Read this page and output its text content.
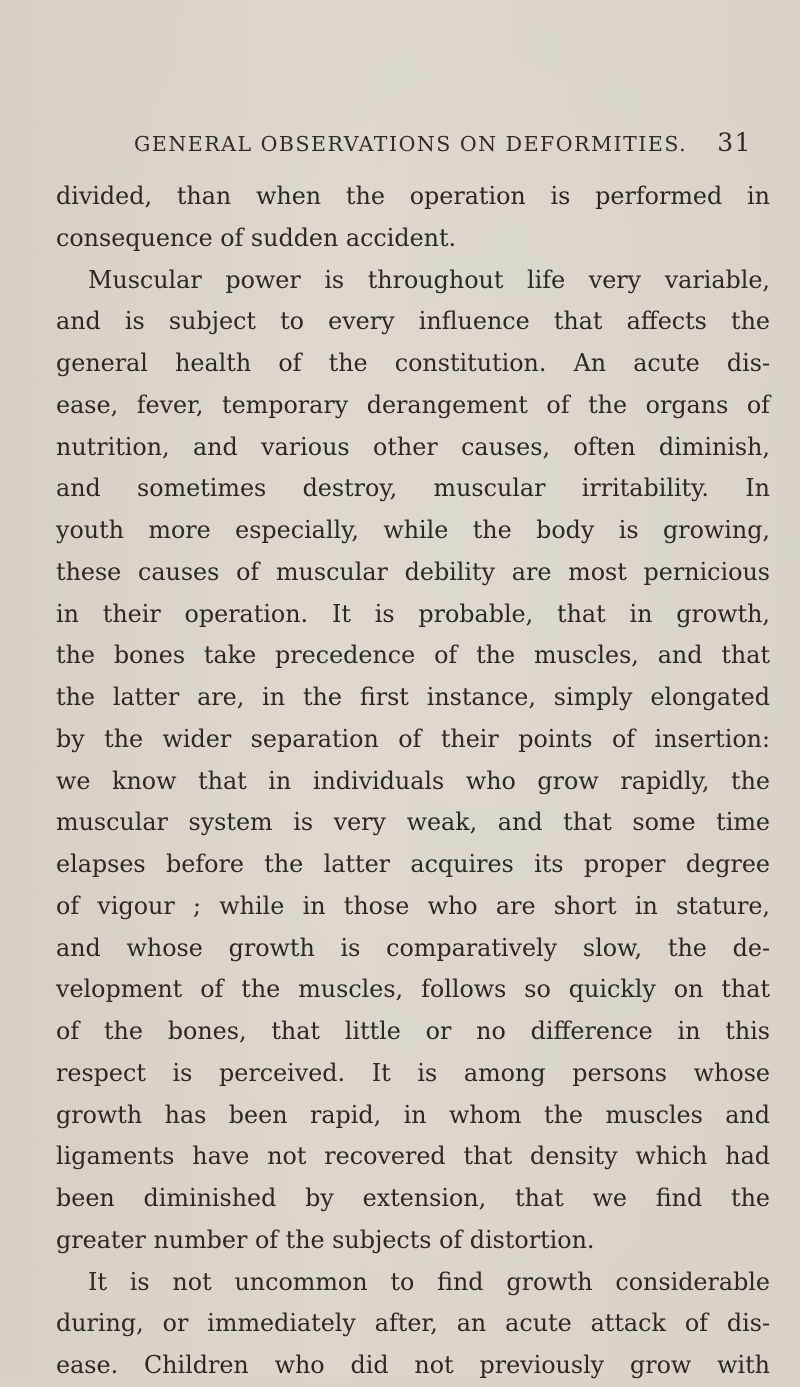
GENERAL OBSERVATIONS ON DEFORMITIES. 31
divided, than when the operation is performed in
consequence of sudden accident.
Muscular power is throughout life very variable,
and is subject to every influence that affects the
general health of the constitution. An acute dis-
ease, fever, temporary derangement of the organs of
nutrition, and various other causes, often diminish,
and sometimes destroy, muscular irritability. In
youth more especially, while the body is growing,
these causes of muscular debility are most pernicious
in their operation. It is probable, that in growth,
the bones take precedence of the muscles, and that
the latter are, in the first instance, simply elongated
by the wider separation of their points of insertion:
we know that in individuals who grow rapidly, the
muscular system is very weak, and that some time
elapses before the latter acquires its proper degree
of vigour ; while in those who are short in stature,
and whose growth is comparatively slow, the de-
velopment of the muscles, follows so quickly on that
of the bones, that little or no difference in this
respect is perceived. It is among persons whose
growth has been rapid, in whom the muscles and
ligaments have not recovered that density which had
been diminished by extension, that we find the
greater number of the subjects of distortion.
It is not uncommon to find growth considerable
during, or immediately after, an acute attack of dis-
ease. Children who did not previously grow with
